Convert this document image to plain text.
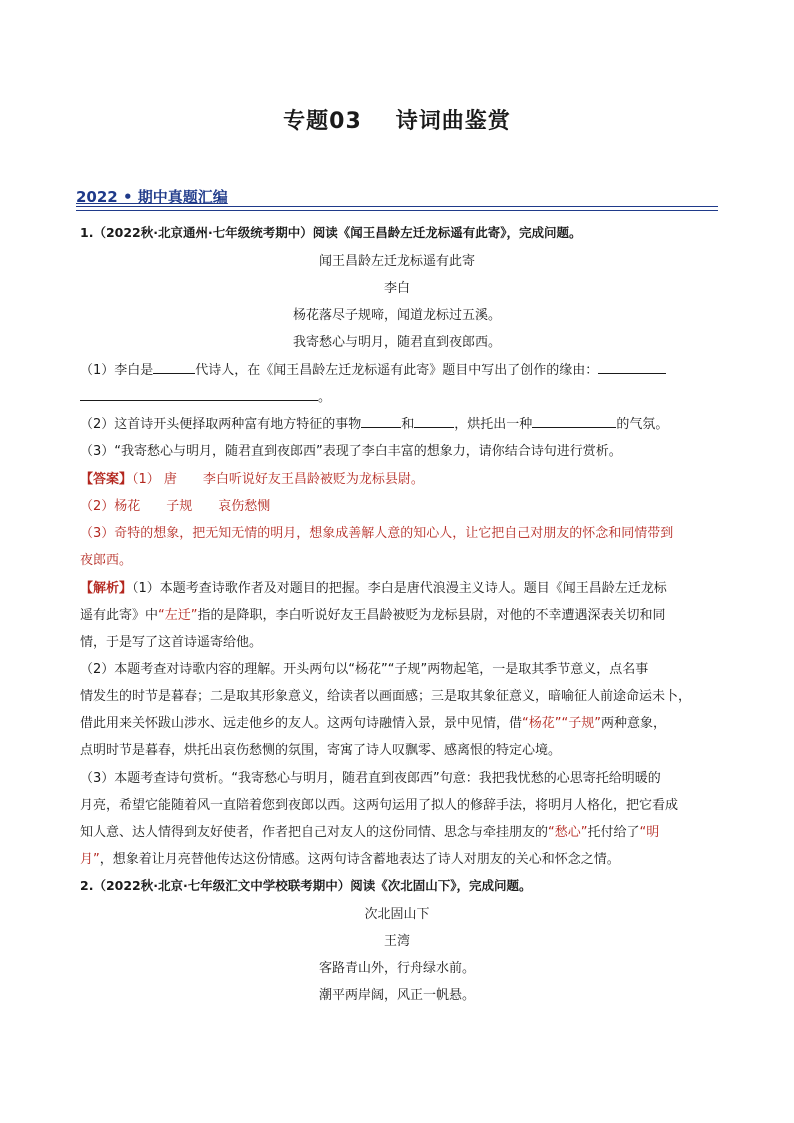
专题03 诗词曲鉴赏
2022 • 期中真题汇编
1.（2022秋·北京通州·七年级统考期中）阅读《闻王昌龄左迁龙标遥有此寄》，完成问题。
闻王昌龄左迁龙标遥有此寄
李白
杨花落尽子规啼，闻道龙标过五溪。
我寄愁心与明月，随君直到夜郎西。
（1）李白是	代诗人，在《闻王昌龄左迁龙标遥有此寄》题目中写出了创作的缘由：
。
（2）这首诗开头便择取两种富有地方特征的事物	和	，烘托出一种	的气氛。
（3）“我寄愁心与明月，随君直到夜郎西”表现了李白丰富的想象力，请你结合诗句进行赏析。
【答案】（1） 唐　　李白听说好友王昌龄被贬为龙标县尉。
（2）杨花　　子规　　哀伤愁恻
（3）奇特的想象，把无知无情的明月，想象成善解人意的知心人，让它把自己对朋友的怀念和同情带到
夜郎西。
【解析】（1）本题考查诗歌作者及对题目的把握。李白是唐代浪漫主义诗人。题目《闻王昌龄左迁龙标
遥有此寄》中“左迁”指的是降职，李白听说好友王昌龄被贬为龙标县尉，对他的不幸遭遇深表关切和同
情，于是写了这首诗遥寄给他。
（2）本题考查对诗歌内容的理解。开头两句以“杨花”“子规”两物起笔，一是取其季节意义，点名事
情发生的时节是暮春；二是取其形象意义，给读者以画面感；三是取其象征意义，暗喻征人前途命运未卜，
借此用来关怀跋山涉水、远走他乡的友人。这两句诗融情入景，景中见情，借“杨花”“子规”两种意象，
点明时节是暮春，烘托出哀伤愁恻的氛围，寄寓了诗人叹飘零、感离恨的特定心境。
（3）本题考查诗句赏析。“我寄愁心与明月，随君直到夜郎西”句意：我把我忧愁的心思寄托给明暖的
月亮，希望它能随着风一直陪着您到夜郎以西。这两句运用了拟人的修辞手法，将明月人格化，把它看成
知人意、达人情得到友好使者，作者把自己对友人的这份同情、思念与牵挂朋友的“愁心”托付给了“明
月”，想象着让月亮替他传达这份情感。这两句诗含蓄地表达了诗人对朋友的关心和怀念之情。
2.（2022秋·北京·七年级汇文中学校联考期中）阅读《次北固山下》，完成问题。
次北固山下
王湾
客路青山外，行舟绿水前。
潮平两岸阔，风正一帆悬。
